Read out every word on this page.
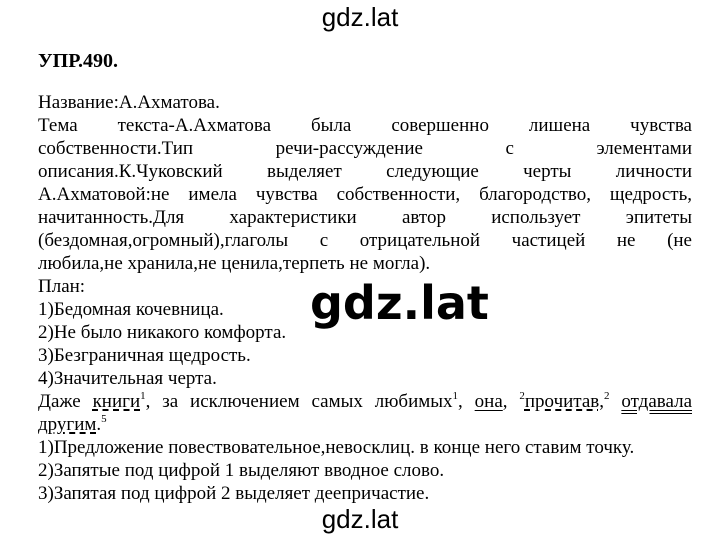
gdz.lat
УПР.490.
Название:А.Ахматова.
Тема текста-А.Ахматова была совершенно лишена чувства
собственности.Тип речи-рассуждение с элементами
описания.К.Чуковский выделяет следующие черты личности
А.Ахматовой:не имела чувства собственности, благородство, щедрость,
начитанность.Для характеристики автор использует эпитеты
(бездомная,огромный),глаголы с отрицательной частицей не (не
любила,не хранила,не ценила,терпеть не могла).
План:
1)Бедомная кочевница.
2)Не было никакого комфорта.
3)Безграничная щедрость.
4)Значительная черта.
Даже книги$^1$, за исключением самых любимых$^1$, она, $^2$прочитав,$^2$ отдавала
другим.$^5$
1)Предложение повествовательное,невосклиц. в конце него ставим точку.
2)Запятые под цифрой 1 выделяют вводное слово.
3)Запятая под цифрой 2 выделяет деепричастие.
gdz.lat
gdz.lat
